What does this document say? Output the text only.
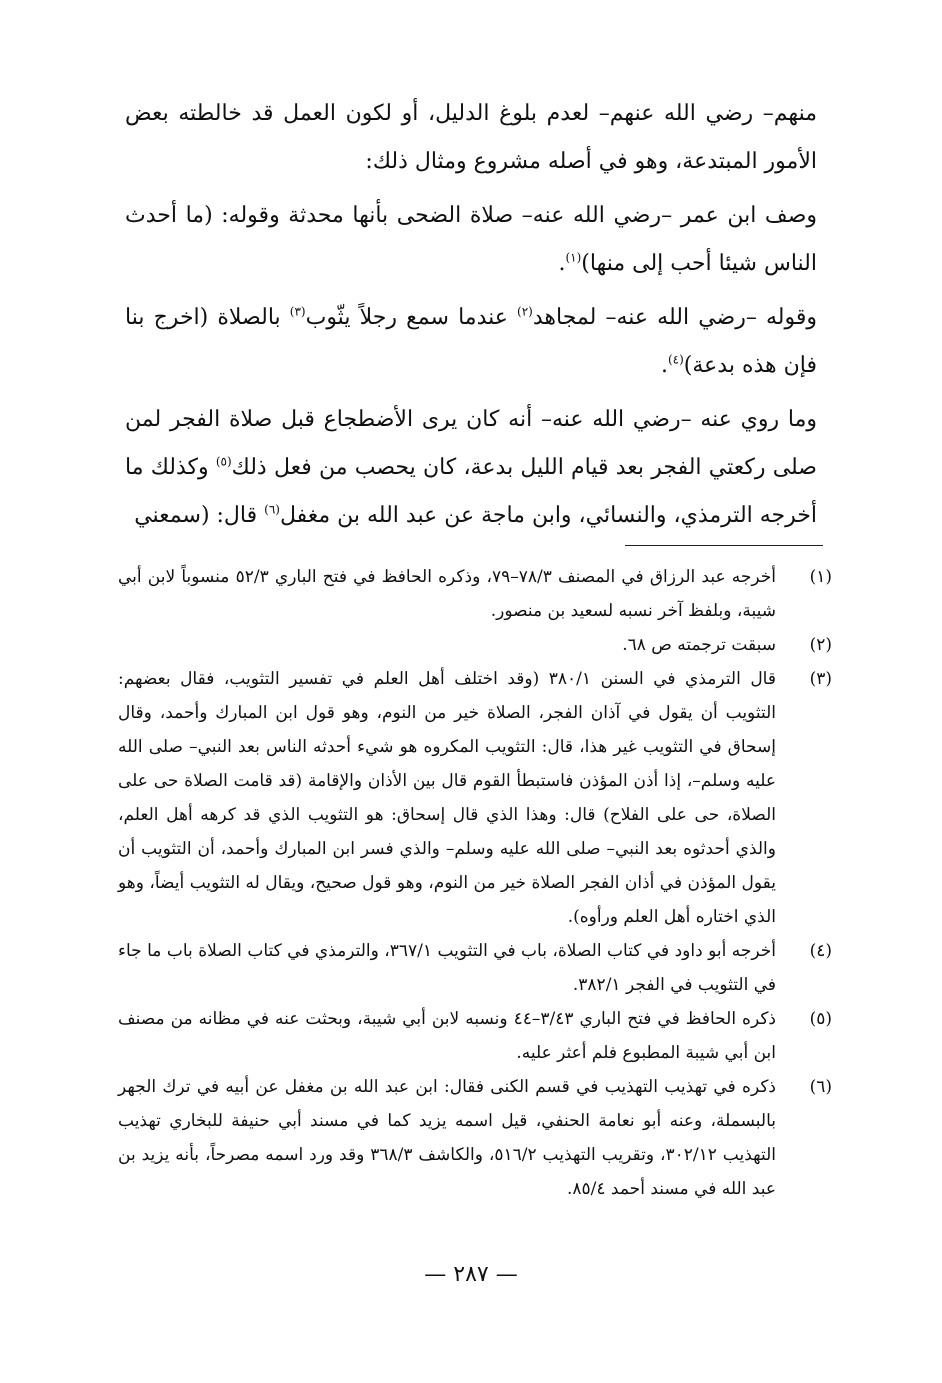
منهم– رضي الله عنهم– لعدم بلوغ الدليل، أو لكون العمل قد خالطته بعض الأمور المبتدعة، وهو في أصله مشروع ومثال ذلك:

وصف ابن عمر –رضي الله عنه– صلاة الضحى بأنها محدثة وقوله: (ما أحدث الناس شيئا أحب إلى منها)$^{(١)}$.

وقوله –رضي الله عنه– لمجاهد$^{(٢)}$ عندما سمع رجلاً يثّوب$^{(٣)}$ بالصلاة (اخرج بنا فإن هذه بدعة)$^{(٤)}$.

وما روي عنه –رضي الله عنه– أنه كان يرى الأضطجاع قبل صلاة الفجر لمن صلى ركعتي الفجر بعد قيام الليل بدعة، كان يحصب من فعل ذلك$^{(٥)}$ وكذلك ما أخرجه الترمذي، والنسائي، وابن ماجة عن عبد الله بن مغفل$^{(٦)}$ قال: (سمعني

(١)
أخرجه عبد الرزاق في المصنف ٧٨/٣–٧٩، وذكره الحافظ في فتح الباري ٥٢/٣ منسوباً لابن أبي شيبة، وبلفظ آخر نسبه لسعيد بن منصور.
(٢)
سبقت ترجمته ص ٦٨.
(٣)
قال الترمذي في السنن ٣٨٠/١ (وقد اختلف أهل العلم في تفسير التثويب، فقال بعضهم: التثويب أن يقول في آذان الفجر، الصلاة خير من النوم، وهو قول ابن المبارك وأحمد، وقال إسحاق في التثويب غير هذا، قال: التثويب المكروه هو شيء أحدثه الناس بعد النبي– صلى الله عليه وسلم–، إذا أذن المؤذن فاستبطأ القوم قال بين الأذان والإقامة (قد قامت الصلاة حى على الصلاة، حى على الفلاح) قال: وهذا الذي قال إسحاق: هو التثويب الذي قد كرهه أهل العلم، والذي أحدثوه بعد النبي– صلى الله عليه وسلم– والذي فسر ابن المبارك وأحمد، أن التثويب أن يقول المؤذن في أذان الفجر الصلاة خير من النوم، وهو قول صحيح، ويقال له التثويب أيضاً، وهو الذي اختاره أهل العلم ورأوه).
(٤)
أخرجه أبو داود في كتاب الصلاة، باب في التثويب ٣٦٧/١، والترمذي في كتاب الصلاة باب ما جاء في التثويب في الفجر ٣٨٢/١.
(٥)
ذكره الحافظ في فتح الباري ٣/٤٣–٤٤ ونسبه لابن أبي شيبة، وبحثت عنه في مظانه من مصنف ابن أبي شيبة المطبوع فلم أعثر عليه.
(٦)
ذكره في تهذيب التهذيب في قسم الكنى فقال: ابن عبد الله بن مغفل عن أبيه في ترك الجهر بالبسملة، وعنه أبو نعامة الحنفي، قيل اسمه يزيد كما في مسند أبي حنيفة للبخاري تهذيب التهذيب ٣٠٢/١٢، وتقريب التهذيب ٥١٦/٢، والكاشف ٣٦٨/٣ وقد ورد اسمه مصرحاً، بأنه يزيد بن عبد الله في مسند أحمد ٨٥/٤.
— ٢٨٧ —
